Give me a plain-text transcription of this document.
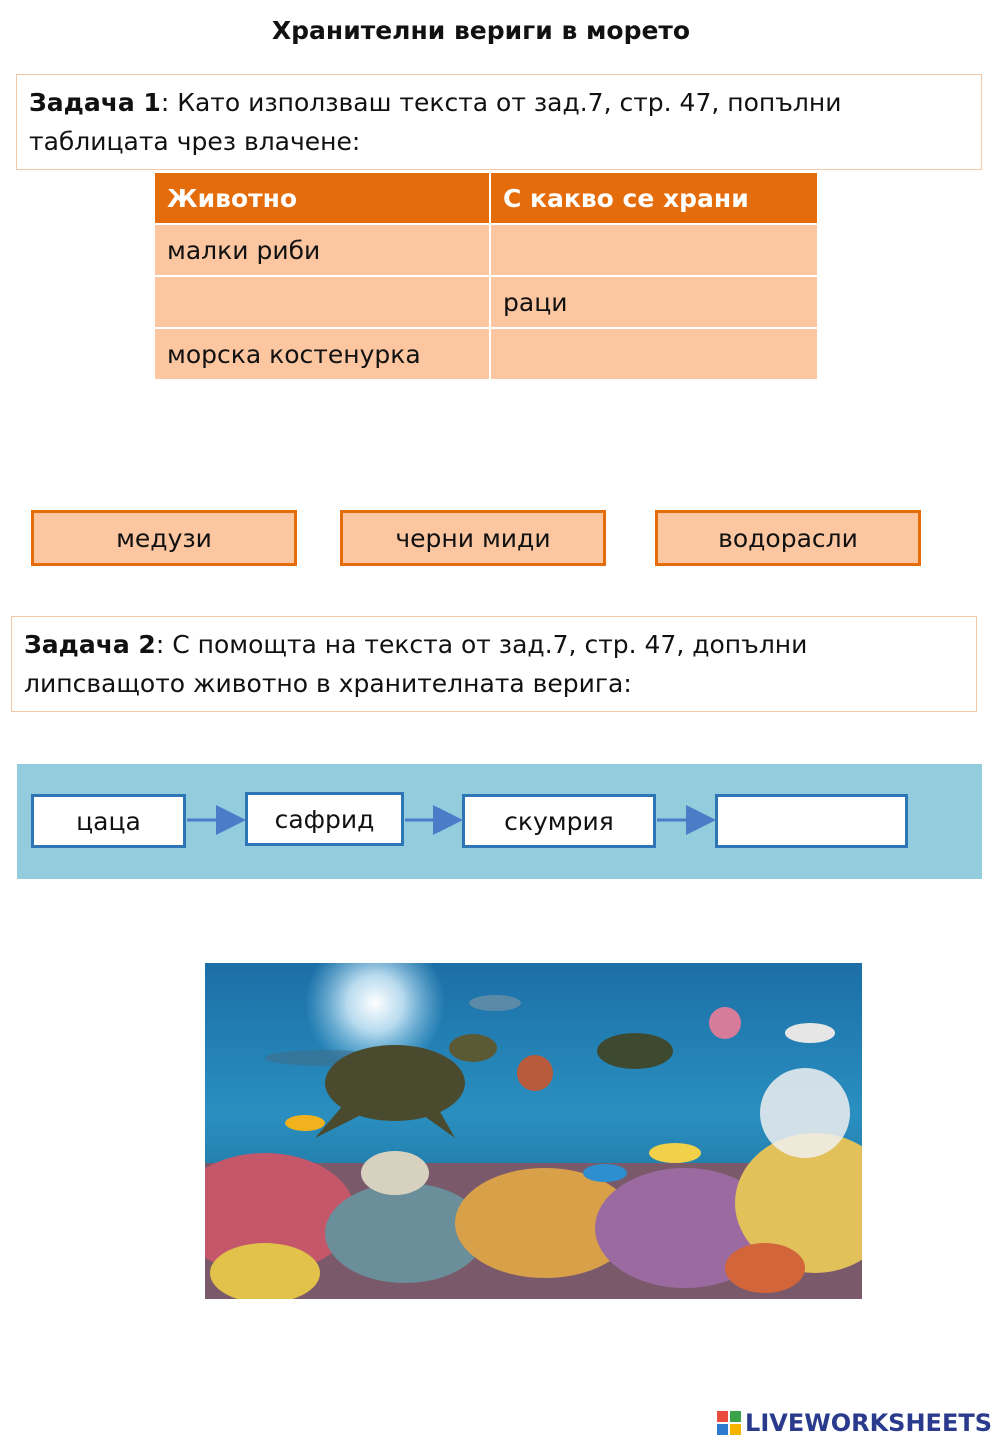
Хранителни вериги в морето
Задача 1: Като използваш текста от зад.7, стр. 47, попълни таблицата чрез влачене:
Животно	С какво се храни
малки риби	
	раци
морска костенурка	
медузи	черни миди	водорасли
Задача 2: С помощта на текста от зад.7, стр. 47, допълни липсващото животно в хранителната верига:
цаца	сафрид	скумрия
LIVEWORKSHEETS
